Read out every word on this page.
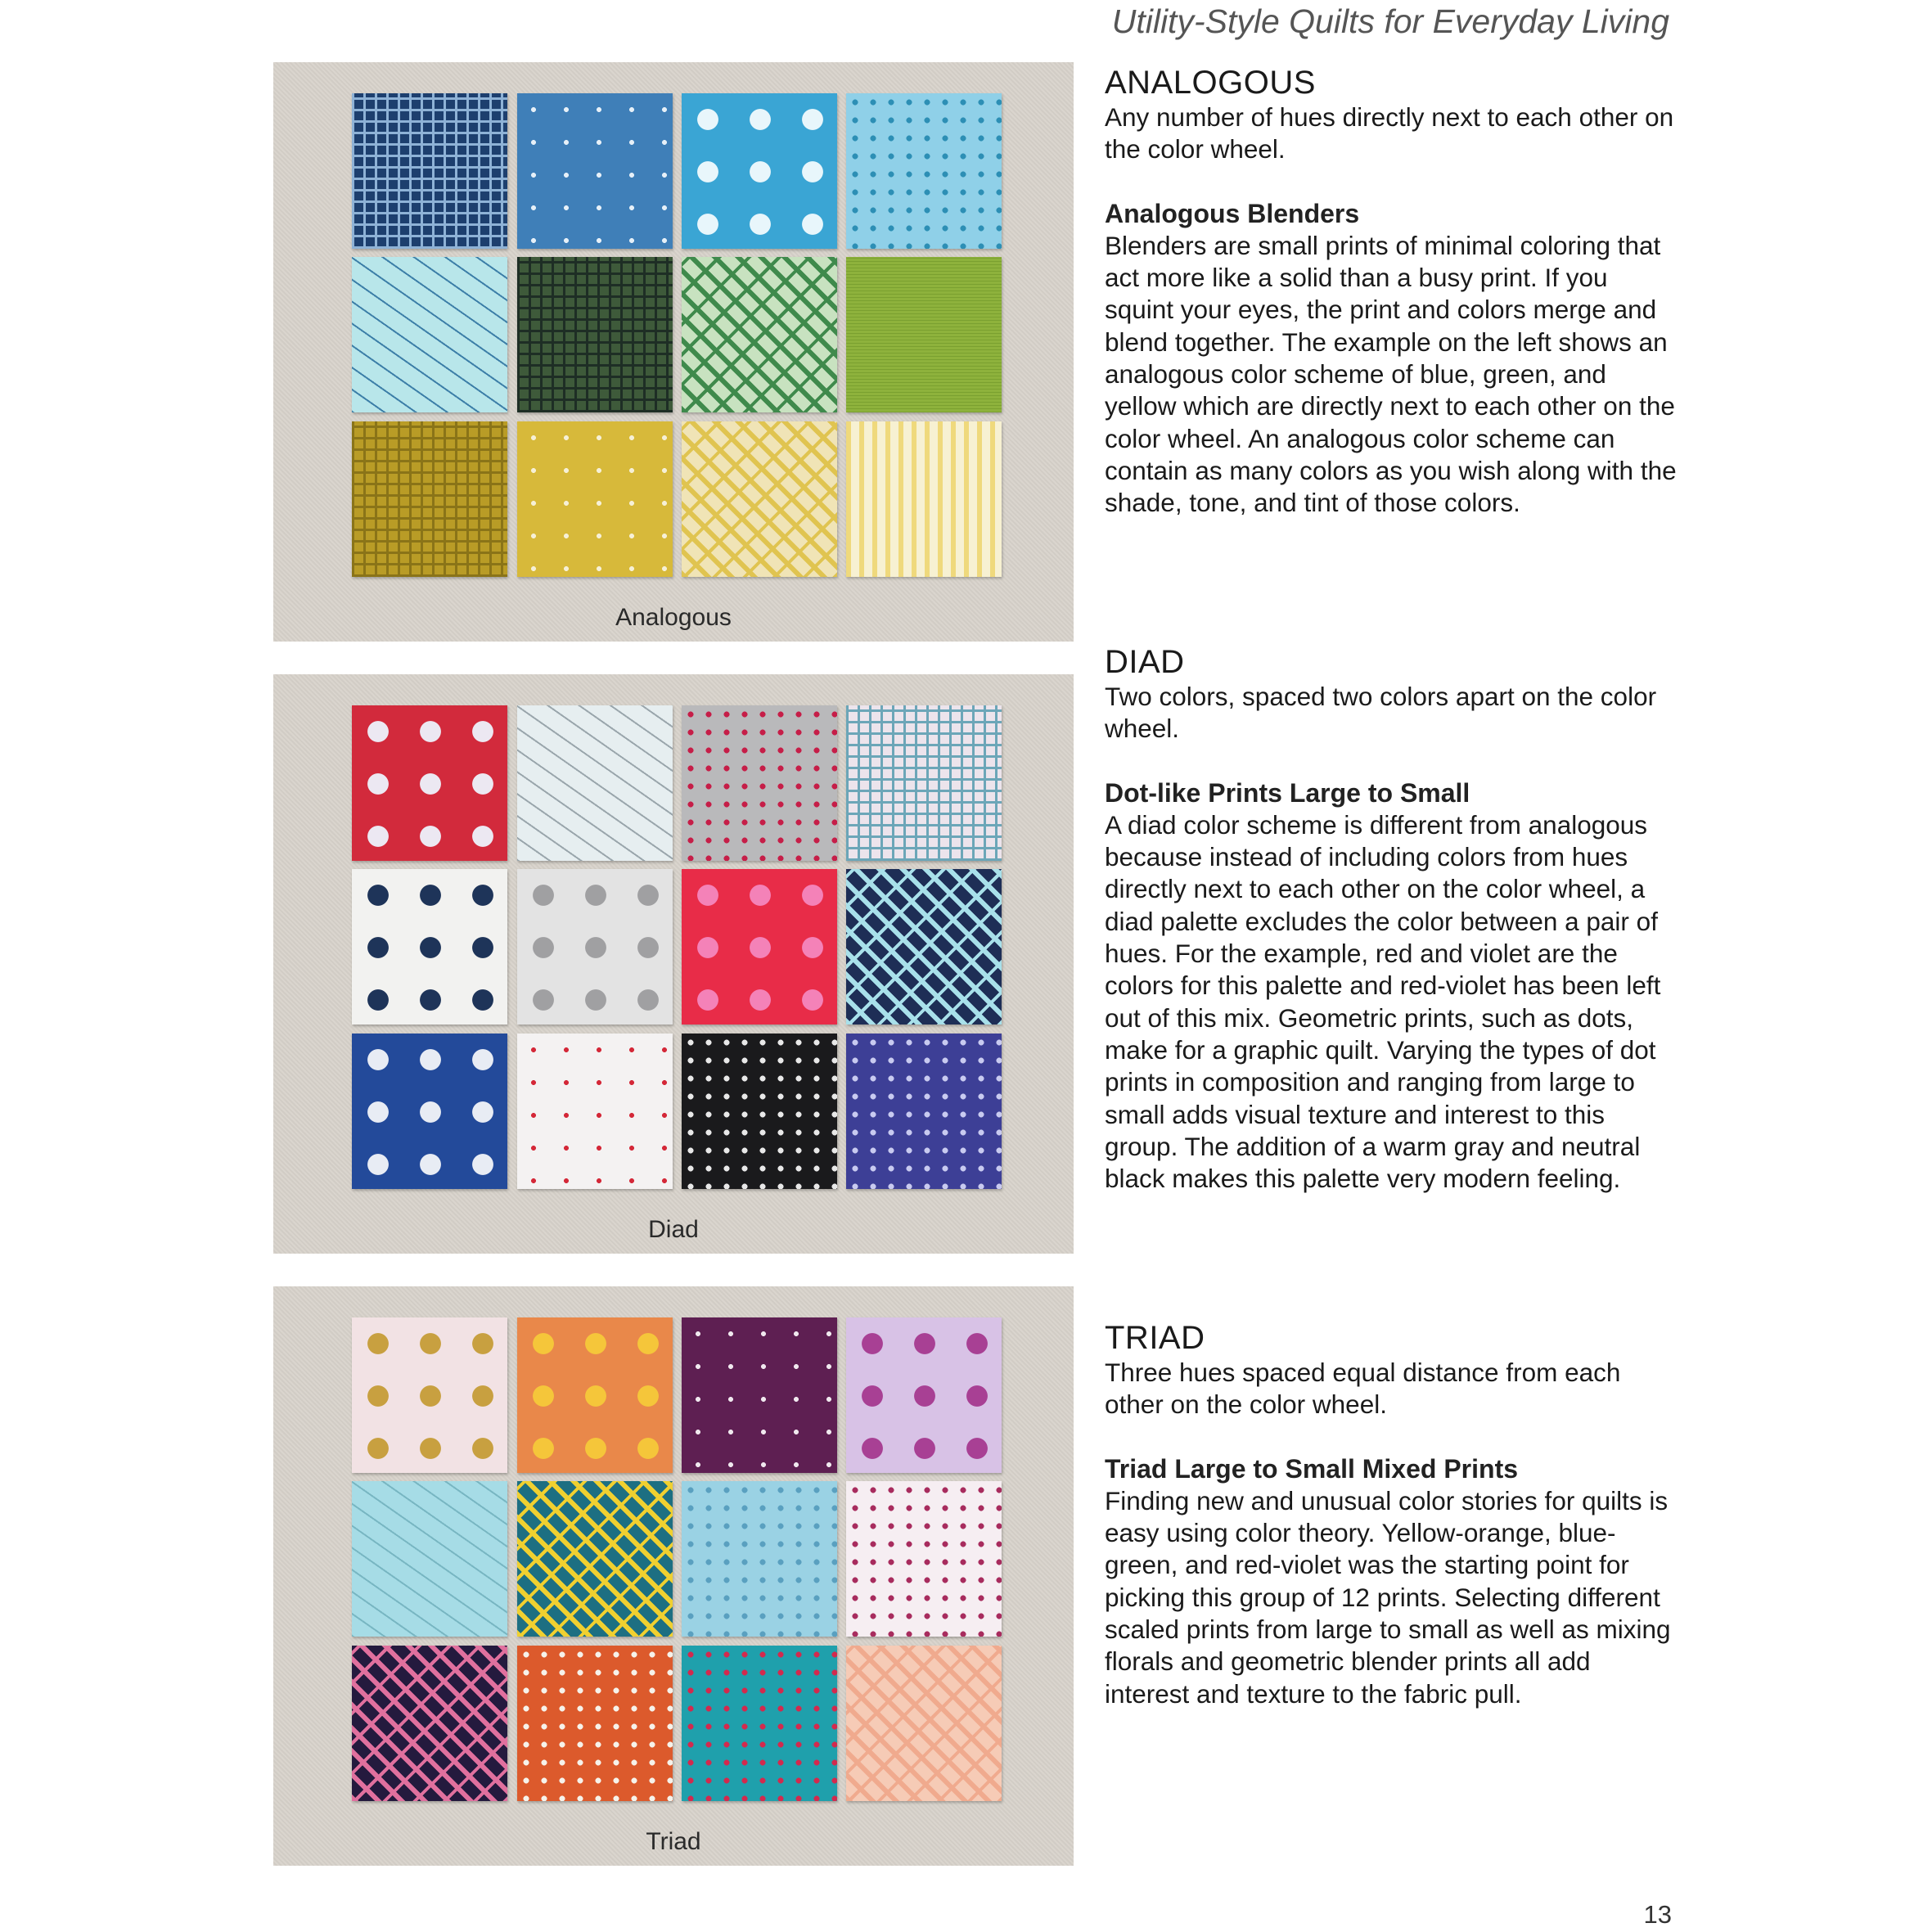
Utility-Style Quilts for Everyday Living
Analogous
Diad
Triad
ANALOGOUS

Any number of hues directly next to each other on the color wheel.

Analogous Blenders

Blenders are small prints of minimal coloring that act more like a solid than a busy print. If you squint your eyes, the print and colors merge and blend together. The example on the left shows an analogous color scheme of blue, green, and yellow which are directly next to each other on the color wheel. An analogous color scheme can contain as many colors as you wish along with the shade, tone, and tint of those colors.

DIAD

Two colors, spaced two colors apart on the color wheel.

Dot-like Prints Large to Small

A diad color scheme is different from analogous because instead of including colors from hues directly next to each other on the color wheel, a diad palette excludes the color between a pair of hues. For the example, red and violet are the colors for this palette and red-violet has been left out of this mix. Geometric prints, such as dots, make for a graphic quilt. Varying the types of dot prints in composition and ranging from large to small adds visual texture and interest to this group. The addition of a warm gray and neutral black makes this palette very modern feeling.

TRIAD

Three hues spaced equal distance from each other on the color wheel.

Triad Large to Small Mixed Prints

Finding new and unusual color stories for quilts is easy using color theory. Yellow-orange, blue-green, and red-violet was the starting point for picking this group of 12 prints. Selecting different scaled prints from large to small as well as mixing florals and geometric blender prints all add interest and texture to the fabric pull.

13
